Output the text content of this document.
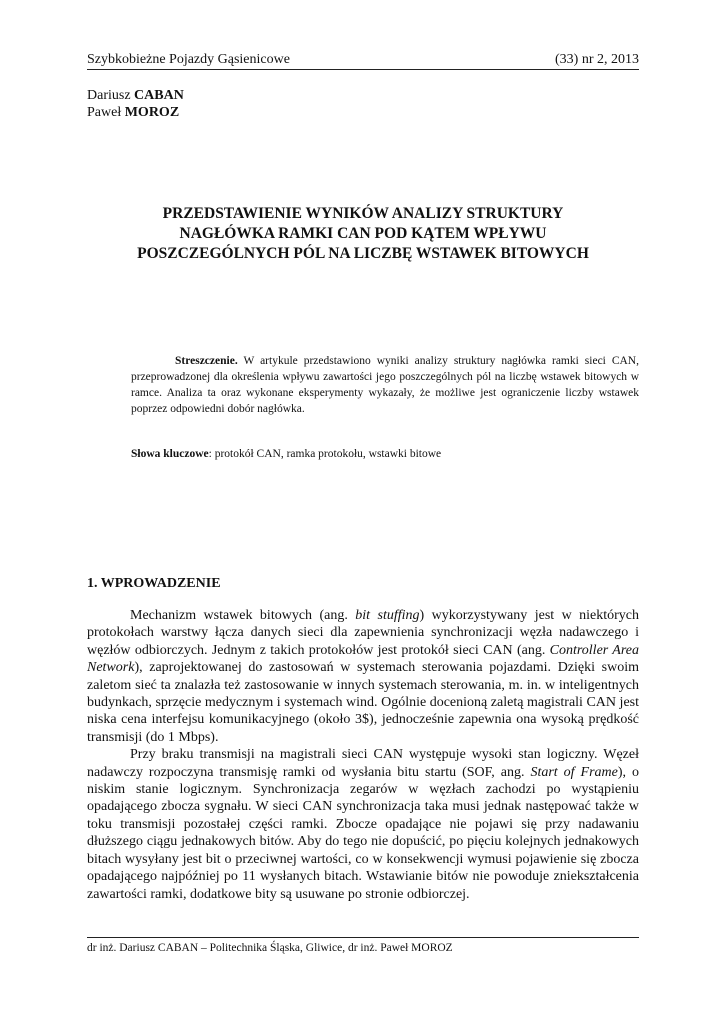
Szybkobieżne Pojazdy Gąsienicowe	(33) nr 2, 2013
Dariusz CABAN
Paweł MOROZ
PRZEDSTAWIENIE WYNIKÓW ANALIZY STRUKTURY
NAGŁÓWKA RAMKI CAN POD KĄTEM WPŁYWU
POSZCZEGÓLNYCH PÓL NA LICZBĘ WSTAWEK BITOWYCH
Streszczenie. W artykule przedstawiono wyniki analizy struktury nagłówka ramki sieci CAN, przeprowadzonej dla określenia wpływu zawartości jego poszczególnych pól na liczbę wstawek bitowych w ramce. Analiza ta oraz wykonane eksperymenty wykazały, że możliwe jest ograniczenie liczby wstawek poprzez odpowiedni dobór nagłówka.
Słowa kluczowe: protokół CAN, ramka protokołu, wstawki bitowe
1. WPROWADZENIE

Mechanizm wstawek bitowych (ang. bit stuffing) wykorzystywany jest w niektórych protokołach warstwy łącza danych sieci dla zapewnienia synchronizacji węzła nadawczego i węzłów odbiorczych. Jednym z takich protokołów jest protokół sieci CAN (ang. Controller Area Network), zaprojektowanej do zastosowań w systemach sterowania pojazdami. Dzięki swoim zaletom sieć ta znalazła też zastosowanie w innych systemach sterowania, m. in. w inteligentnych budynkach, sprzęcie medycznym i systemach wind. Ogólnie docenioną zaletą magistrali CAN jest niska cena interfejsu komunikacyjnego (około 3$), jednocześnie zapewnia ona wysoką prędkość transmisji (do 1 Mbps).

Przy braku transmisji na magistrali sieci CAN występuje wysoki stan logiczny. Węzeł nadawczy rozpoczyna transmisję ramki od wysłania bitu startu (SOF, ang. Start of Frame), o niskim stanie logicznym. Synchronizacja zegarów w węzłach zachodzi po wystąpieniu opadającego zbocza sygnału. W sieci CAN synchronizacja taka musi jednak następować także w toku transmisji pozostałej części ramki. Zbocze opadające nie pojawi się przy nadawaniu dłuższego ciągu jednakowych bitów. Aby do tego nie dopuścić, po pięciu kolejnych jednakowych bitach wysyłany jest bit o przeciwnej wartości, co w konsekwencji wymusi pojawienie się zbocza opadającego najpóźniej po 11 wysłanych bitach. Wstawianie bitów nie powoduje zniekształcenia zawartości ramki, dodatkowe bity są usuwane po stronie odbiorczej.

dr inż. Dariusz CABAN – Politechnika Śląska, Gliwice, dr inż. Paweł MOROZ
